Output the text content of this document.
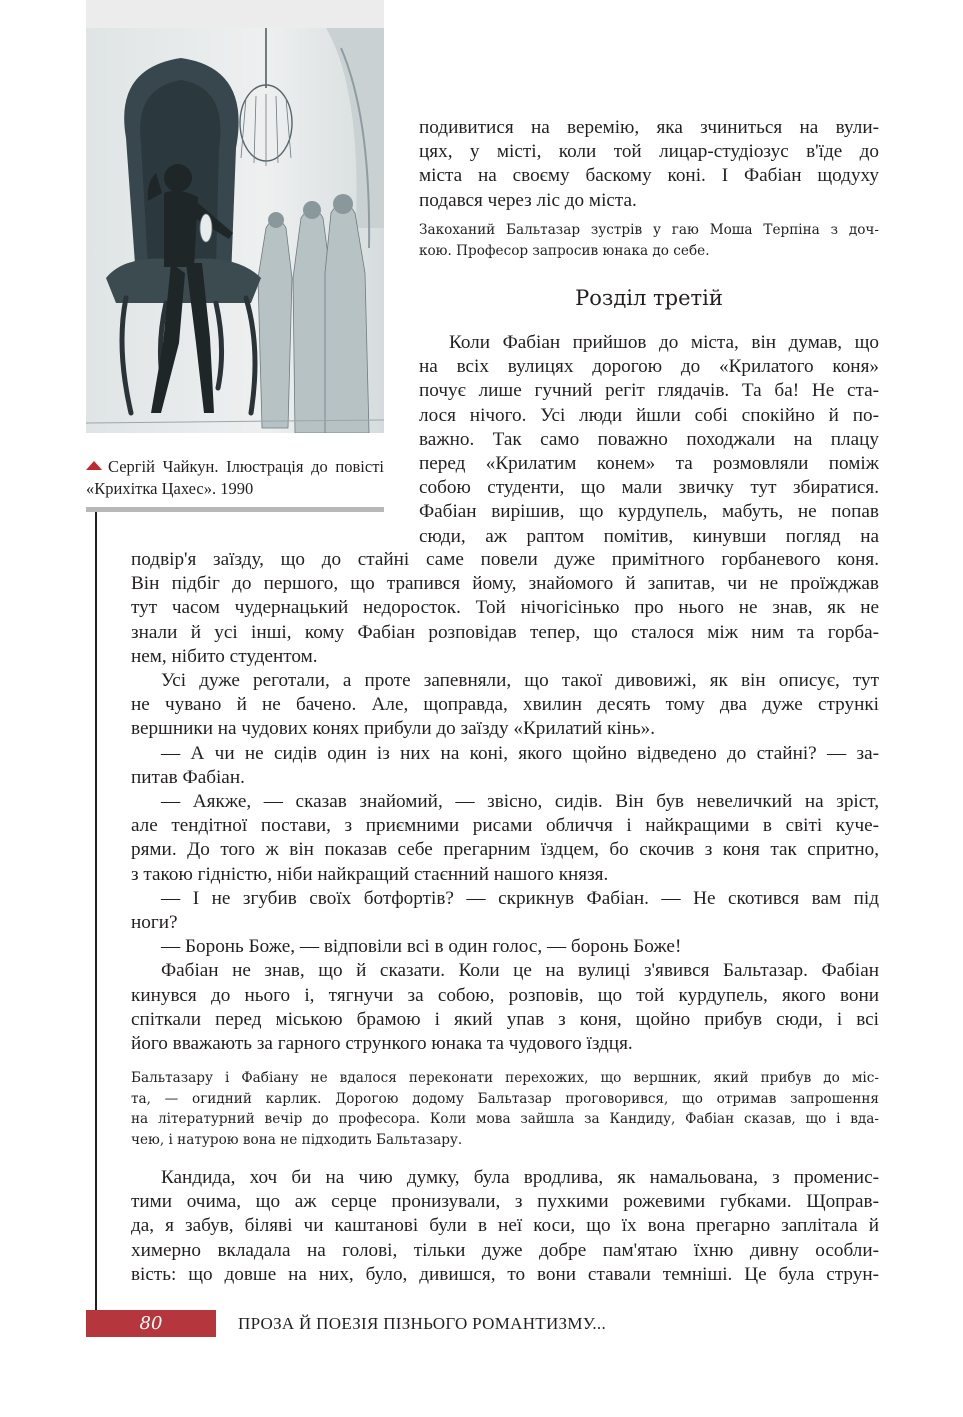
Сергій Чайкун. Ілюстрація до повісті «Крихітка Цахес». 1990
подивитися на веремію, яка зчиниться на вули-
цях, у місті, коли той лицар-студіозус в'їде до
міста на своєму баскому коні. І Фабіан щодуху
подався через ліс до міста.
Закоханий Бальтазар зустрів у гаю Моша Терпіна з доч-
кою. Професор запросив юнака до себе.
Розділ третій
Коли Фабіан прийшов до міста, він думав, що
на всіх вулицях дорогою до «Крилатого коня»
почує лише гучний регіт глядачів. Та ба! Не ста-
лося нічого. Усі люди йшли собі спокійно й по-
важно. Так само поважно походжали на плацу
перед «Крилатим конем» та розмовляли поміж
собою студенти, що мали звичку тут збиратися.
Фабіан вирішив, що курдупель, мабуть, не попав
сюди, аж раптом помітив, кинувши погляд на
подвір'я заїзду, що до стайні саме повели дуже примітного горбаневого коня.
Він підбіг до першого, що трапився йому, знайомого й запитав, чи не проїжджав
тут часом чудернацький недоросток. Той нічогісінько про нього не знав, як не
знали й усі інші, кому Фабіан розповідав тепер, що сталося між ним та горба-
нем, нібито студентом.
Усі дуже реготали, а проте запевняли, що такої дивовижі, як він описує, тут
не чувано й не бачено. Але, щоправда, хвилин десять тому два дуже стрункі
вершники на чудових конях прибули до заїзду «Крилатий кінь».
— А чи не сидів один із них на коні, якого щойно відведено до стайні? — за-
питав Фабіан.
— Аякже, — сказав знайомий, — звісно, сидів. Він був невеличкий на зріст,
але тендітної постави, з приємними рисами обличчя і найкращими в світі куче-
рями. До того ж він показав себе прегарним їздцем, бо скочив з коня так спритно,
з такою гідністю, ніби найкращий стаєнний нашого князя.
— І не згубив своїх ботфортів? — скрикнув Фабіан. — Не скотився вам під
ноги?
— Боронь Боже, — відповіли всі в один голос, — боронь Боже!
Фабіан не знав, що й сказати. Коли це на вулиці з'явився Бальтазар. Фабіан
кинувся до нього і, тягнучи за собою, розповів, що той курдупель, якого вони
спіткали перед міською брамою і який упав з коня, щойно прибув сюди, і всі
його вважають за гарного стрункого юнака та чудового їздця.
Бальтазару і Фабіану не вдалося переконати перехожих, що вершник, який прибув до міс-
та, — огидний карлик. Дорогою додому Бальтазар проговорився, що отримав запрошення
на літературний вечір до професора. Коли мова зайшла за Кандиду, Фабіан сказав, що і вда-
чею, і натурою вона не підходить Бальтазару.
Кандида, хоч би на чию думку, була вродлива, як намальована, з променис-
тими очима, що аж серце пронизували, з пухкими рожевими губками. Щопрaв-
да, я забув, біляві чи каштанові були в неї коси, що їх вона прегарно заплітала й
химерно вкладала на голові, тільки дуже добре пам'ятаю їхню дивну особли-
вість: що довше на них, було, дивишся, то вони ставали темніші. Це була струн-
80	ПРОЗА Й ПОЕЗІЯ ПІЗНЬОГО РОМАНТИЗМУ...
